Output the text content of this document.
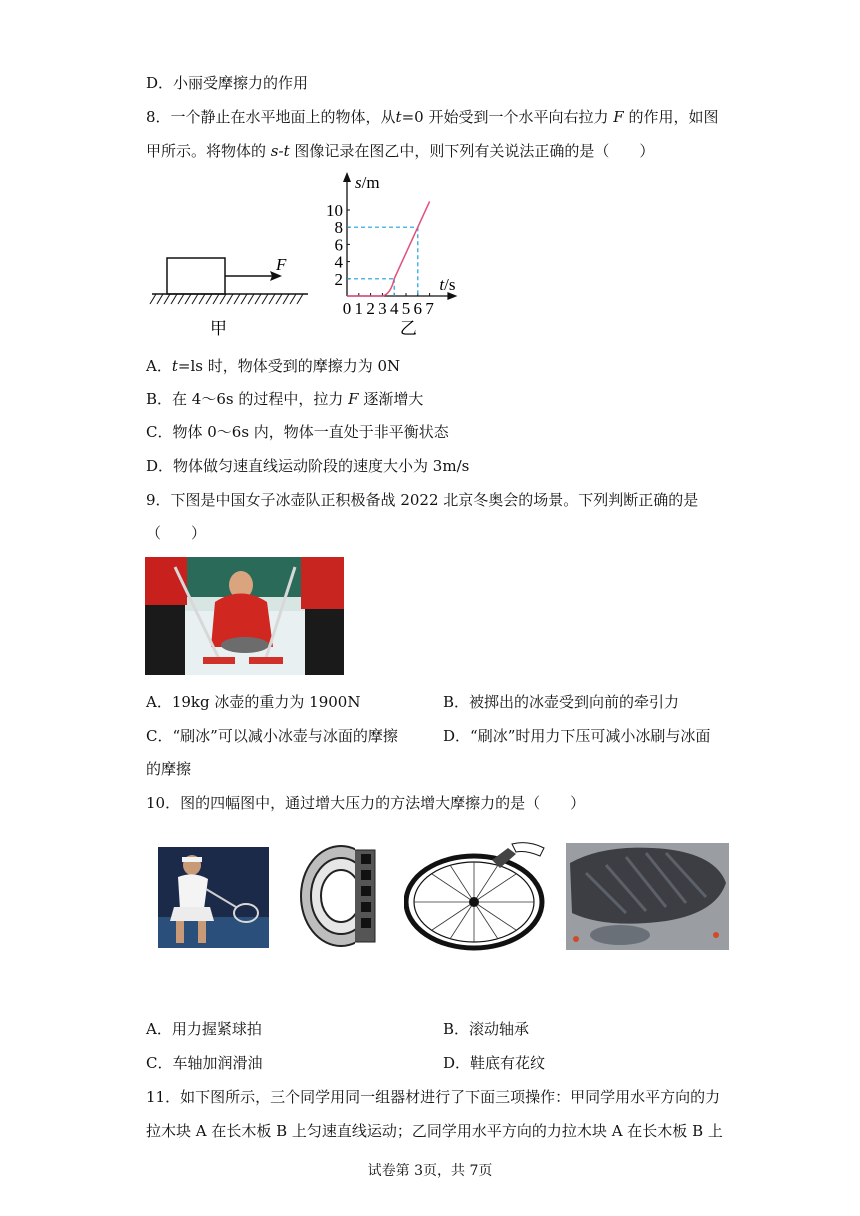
D．小丽受摩擦力的作用
8．一个静止在水平地面上的物体，从t=0 开始受到一个水平向右拉力 F 的作用，如图
甲所示。将物体的 s-t 图像记录在图乙中，则下列有关说法正确的是（　　）
F
甲
s/m
t/s
0 1 2 3 4 5 6 7
2
4
6
8
10
乙
A．t=ls 时，物体受到的摩擦力为 0N
B．在 4～6s 的过程中，拉力 F 逐渐增大
C．物体 0～6s 内，物体一直处于非平衡状态
D．物体做匀速直线运动阶段的速度大小为 3m/s
9．下图是中国女子冰壶队正积极备战 2022 北京冬奥会的场景。下列判断正确的是
（　　）
A．19kg 冰壶的重力为 1900N	B．被掷出的冰壶受到向前的牵引力
C．“刷冰”可以减小冰壶与冰面的摩擦	D．“刷冰”时用力下压可减小冰刷与冰面
的摩擦
10．图的四幅图中，通过增大压力的方法增大摩擦力的是（　　）
A．用力握紧球拍	B．滚动轴承
C．车轴加润滑油	D．鞋底有花纹
11．如下图所示，三个同学用同一组器材进行了下面三项操作：甲同学用水平方向的力
拉木块 A 在长木板 B 上匀速直线运动；乙同学用水平方向的力拉木块 A 在长木板 B 上
试卷第 3页，共 7页
